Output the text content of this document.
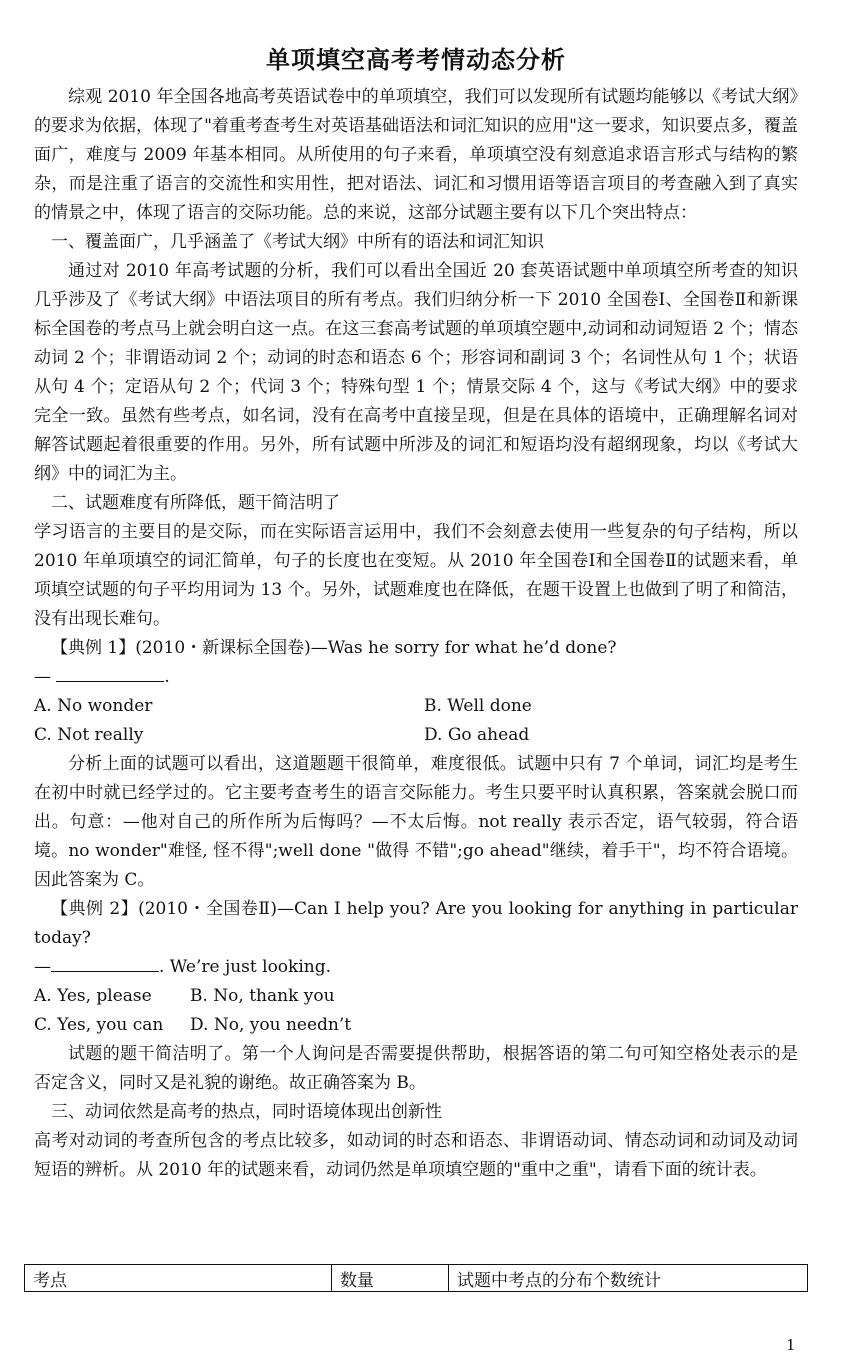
单项填空高考考情动态分析

综观 2010 年全国各地高考英语试卷中的单项填空，我们可以发现所有试题均能够以《考试大纲》的要求为依据，体现了"着重考查考生对英语基础语法和词汇知识的应用"这一要求，知识要点多，覆盖面广，难度与 2009 年基本相同。从所使用的句子来看，单项填空没有刻意追求语言形式与结构的繁杂，而是注重了语言的交流性和实用性，把对语法、词汇和习惯用语等语言项目的考查融入到了真实的情景之中，体现了语言的交际功能。总的来说，这部分试题主要有以下几个突出特点：

一、覆盖面广，几乎涵盖了《考试大纲》中所有的语法和词汇知识

通过对 2010 年高考试题的分析，我们可以看出全国近 20 套英语试题中单项填空所考查的知识几乎涉及了《考试大纲》中语法项目的所有考点。我们归纳分析一下 2010 全国卷Ⅰ、全国卷Ⅱ和新课标全国卷的考点马上就会明白这一点。在这三套高考试题的单项填空题中,动词和动词短语 2 个；情态动词 2 个；非谓语动词 2 个；动词的时态和语态 6 个；形容词和副词 3 个；名词性从句 1 个；状语从句 4 个；定语从句 2 个；代词 3 个；特殊句型 1 个；情景交际 4 个，这与《考试大纲》中的要求完全一致。虽然有些考点，如名词，没有在高考中直接呈现，但是在具体的语境中，正确理解名词对解答试题起着很重要的作用。另外，所有试题中所涉及的词汇和短语均没有超纲现象，均以《考试大纲》中的词汇为主。

二、试题难度有所降低，题干简洁明了

学习语言的主要目的是交际，而在实际语言运用中，我们不会刻意去使用一些复杂的句子结构，所以 2010 年单项填空的词汇简单，句子的长度也在变短。从 2010 年全国卷Ⅰ和全国卷Ⅱ的试题来看，单项填空试题的句子平均用词为 13 个。另外，试题难度也在降低，在题干设置上也做到了明了和简洁，没有出现长难句。

【典例 1】(2010・新课标全国卷)—Was he sorry for what he’d done?

—	.

A. No wonder	B. Well done
C. Not really	D. Go ahead

分析上面的试题可以看出，这道题题干很简单，难度很低。试题中只有 7 个单词，词汇均是考生在初中时就已经学过的。它主要考查考生的语言交际能力。考生只要平时认真积累，答案就会脱口而出。句意：—他对自己的所作所为后悔吗？—不太后悔。not really 表示否定，语气较弱，符合语境。no wonder"难怪, 怪不得";well done "做得 不错";go ahead"继续，着手干"，均不符合语境。因此答案为 C。

【典例 2】(2010・全国卷Ⅱ)—Can I help you? Are you looking for anything in particular today?

—	. We’re just looking.

A. Yes, please	B. No, thank you
C. Yes, you can	D. No, you needn’t

试题的题干简洁明了。第一个人询问是否需要提供帮助，根据答语的第二句可知空格处表示的是否定含义，同时又是礼貌的谢绝。故正确答案为 B。

三、动词依然是高考的热点，同时语境体现出创新性

高考对动词的考查所包含的考点比较多，如动词的时态和语态、非谓语动词、情态动词和动词及动词短语的辨析。从 2010 年的试题来看，动词仍然是单项填空题的"重中之重"，请看下面的统计表。

考点	数量	试题中考点的分布个数统计
1
